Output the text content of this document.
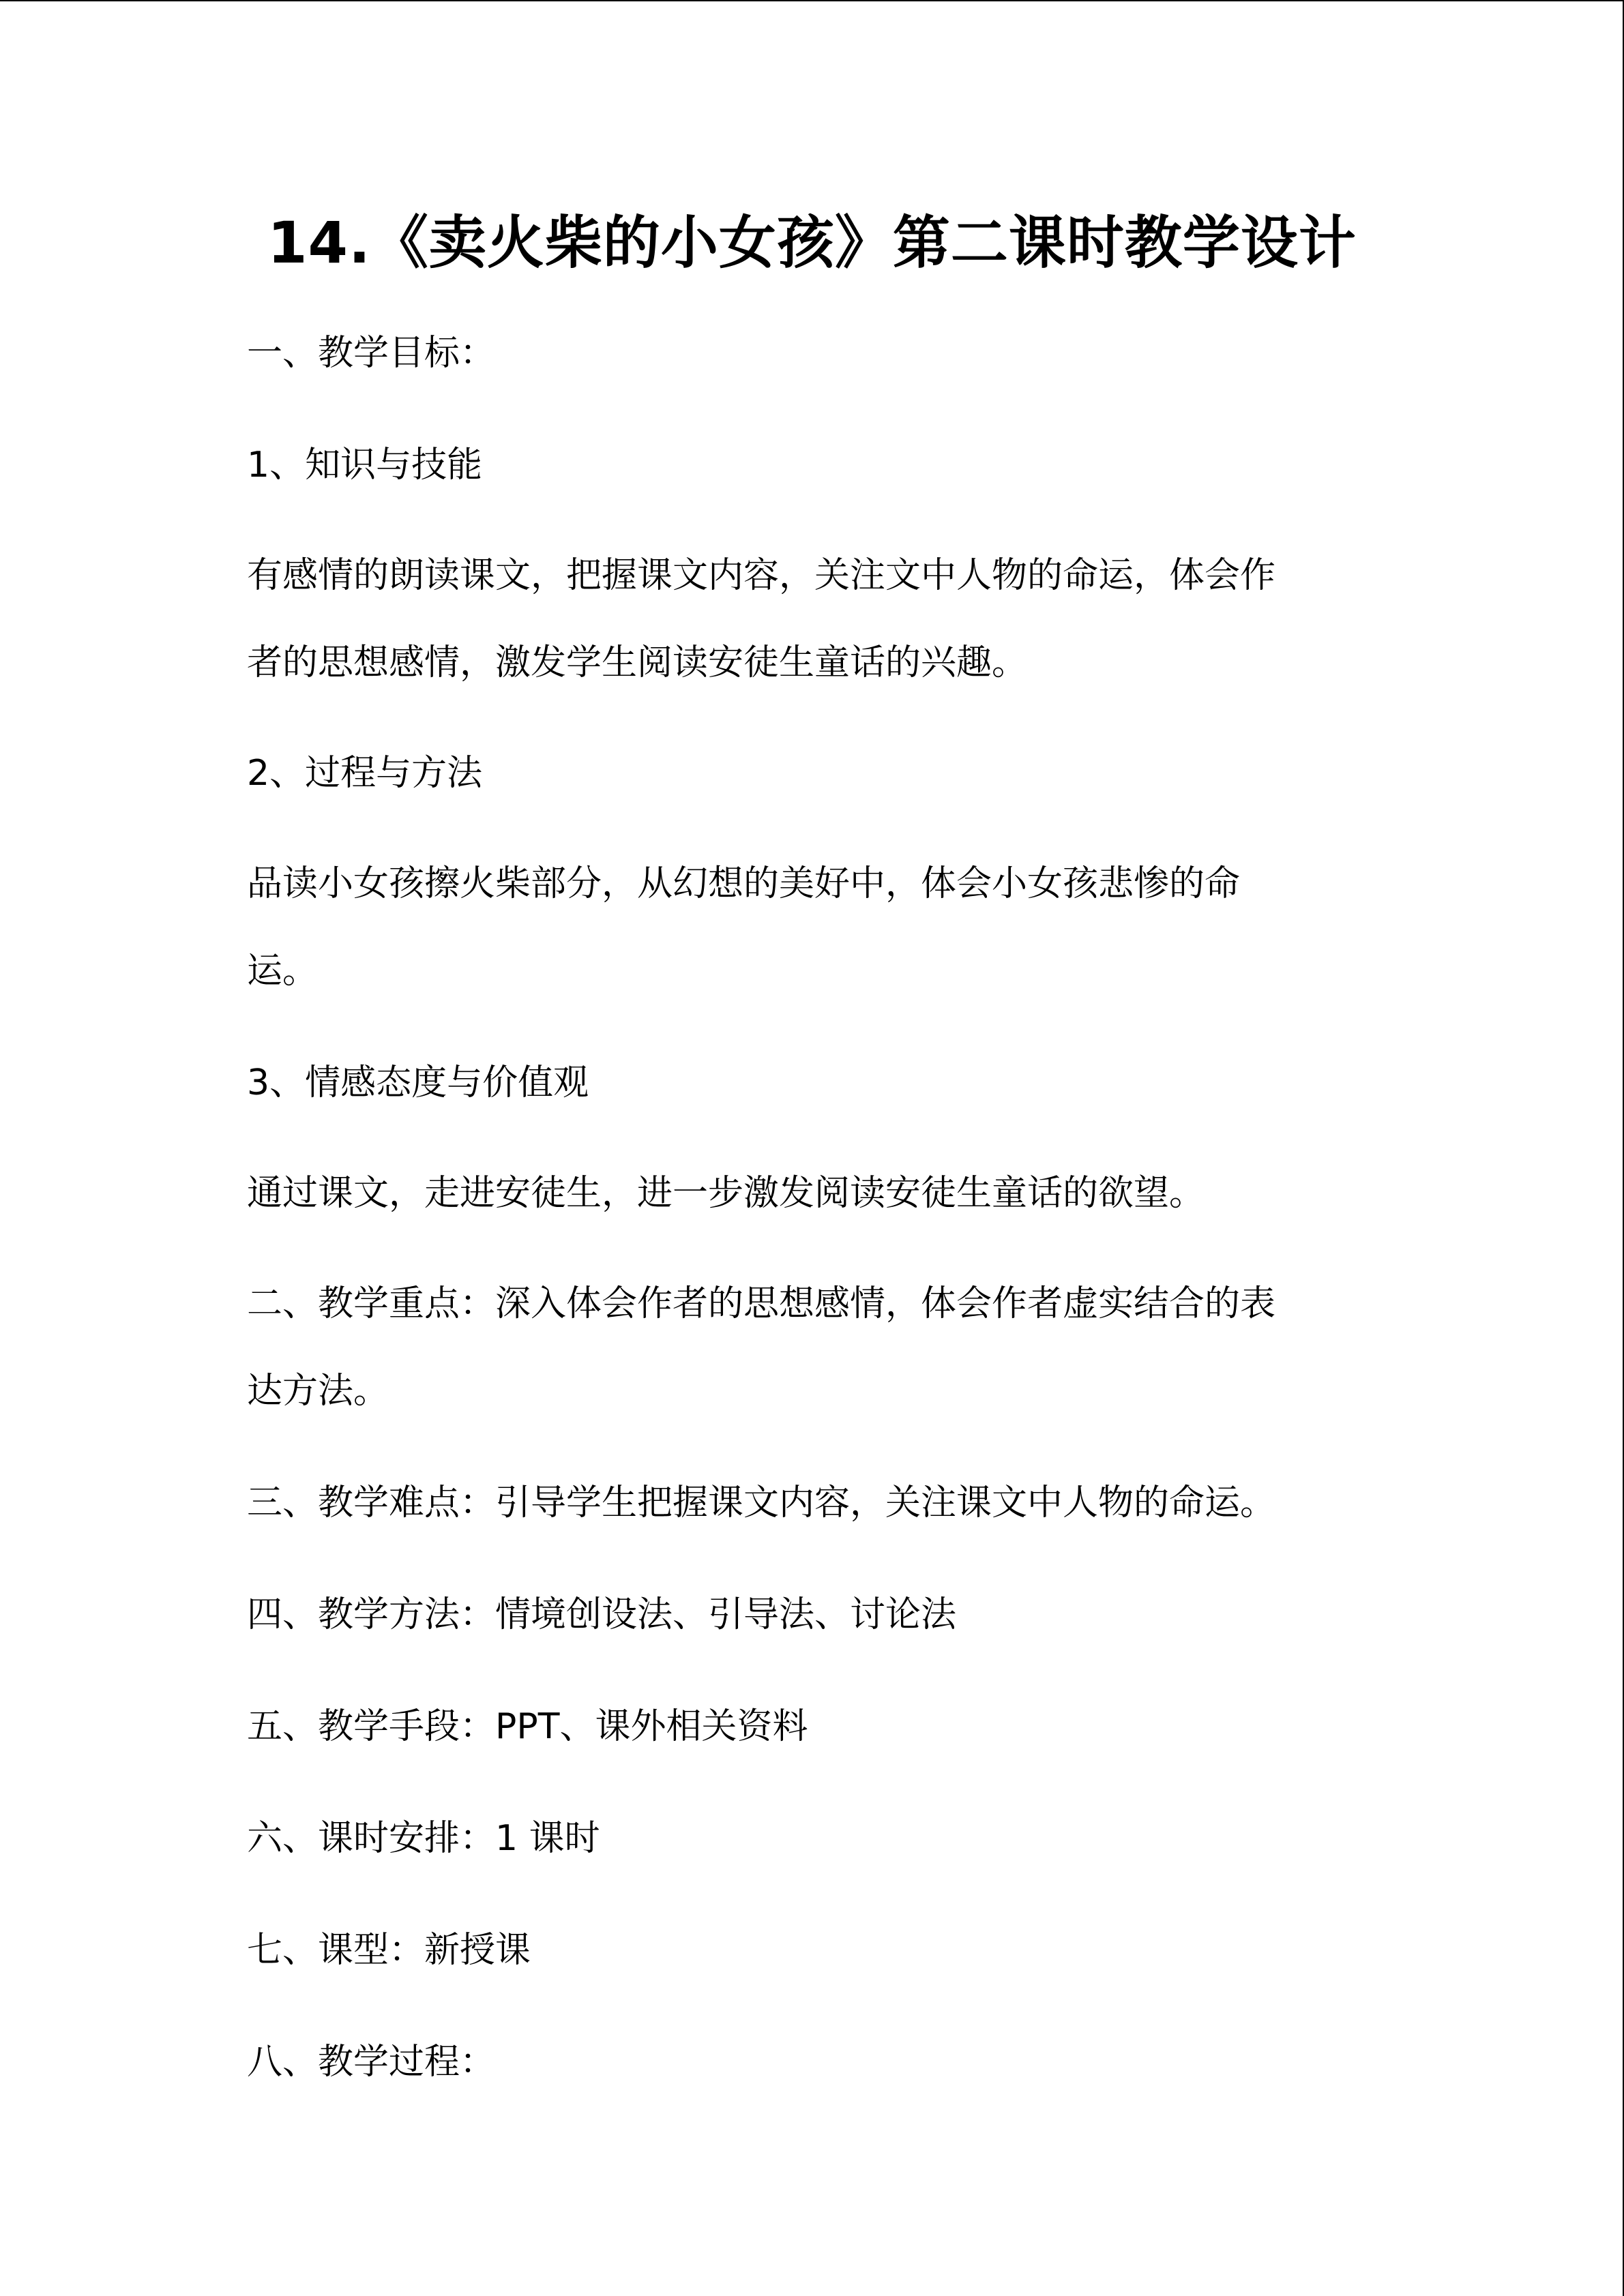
14.《卖火柴的小女孩》第二课时教学设计
一、教学目标：
1、知识与技能
有感情的朗读课文，把握课文内容，关注文中人物的命运，体会作
者的思想感情，激发学生阅读安徒生童话的兴趣。
2、过程与方法
品读小女孩擦火柴部分，从幻想的美好中，体会小女孩悲惨的命
运。
3、情感态度与价值观
通过课文，走进安徒生，进一步激发阅读安徒生童话的欲望。
二、教学重点：深入体会作者的思想感情，体会作者虚实结合的表
达方法。
三、教学难点：引导学生把握课文内容，关注课文中人物的命运。
四、教学方法：情境创设法、引导法、讨论法
五、教学手段：PPT、课外相关资料
六、课时安排：1 课时
七、课型：新授课
八、教学过程：
